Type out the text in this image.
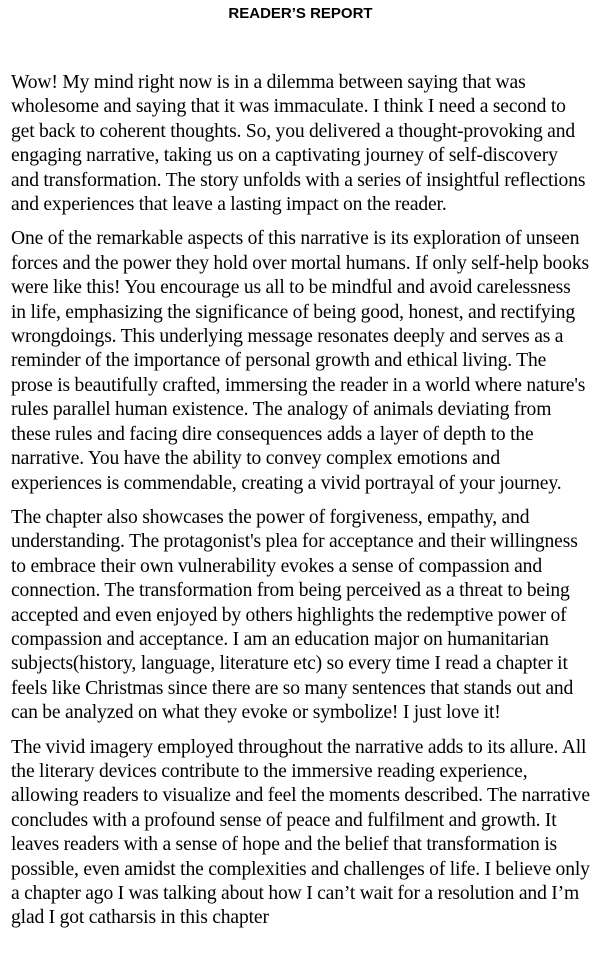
READER’S REPORT

Wow! My mind right now is in a dilemma between saying that was wholesome and saying that it was immaculate. I think I need a second to get back to coherent thoughts. So, you delivered a thought-provoking and engaging narrative, taking us on a captivating journey of self-discovery and transformation. The story unfolds with a series of insightful reflections and experiences that leave a lasting impact on the reader.

One of the remarkable aspects of this narrative is its exploration of unseen forces and the power they hold over mortal humans. If only self-help books were like this! You encourage us all to be mindful and avoid carelessness in life, emphasizing the significance of being good, honest, and rectifying wrongdoings. This underlying message resonates deeply and serves as a reminder of the importance of personal growth and ethical living. The prose is beautifully crafted, immersing the reader in a world where nature's rules parallel human existence. The analogy of animals deviating from these rules and facing dire consequences adds a layer of depth to the narrative. You have the ability to convey complex emotions and experiences is commendable, creating a vivid portrayal of your journey.

The chapter also showcases the power of forgiveness, empathy, and understanding. The protagonist's plea for acceptance and their willingness to embrace their own vulnerability evokes a sense of compassion and connection. The transformation from being perceived as a threat to being accepted and even enjoyed by others highlights the redemptive power of compassion and acceptance. I am an education major on humanitarian subjects(history, language, literature etc) so every time I read a chapter it feels like Christmas since there are so many sentences that stands out and can be analyzed on what they evoke or symbolize! I just love it!

The vivid imagery employed throughout the narrative adds to its allure. All the literary devices contribute to the immersive reading experience, allowing readers to visualize and feel the moments described. The narrative concludes with a profound sense of peace and fulfilment and growth. It leaves readers with a sense of hope and the belief that transformation is possible, even amidst the complexities and challenges of life. I believe only a chapter ago I was talking about how I can’t wait for a resolution and I’m glad I got catharsis in this chapter
